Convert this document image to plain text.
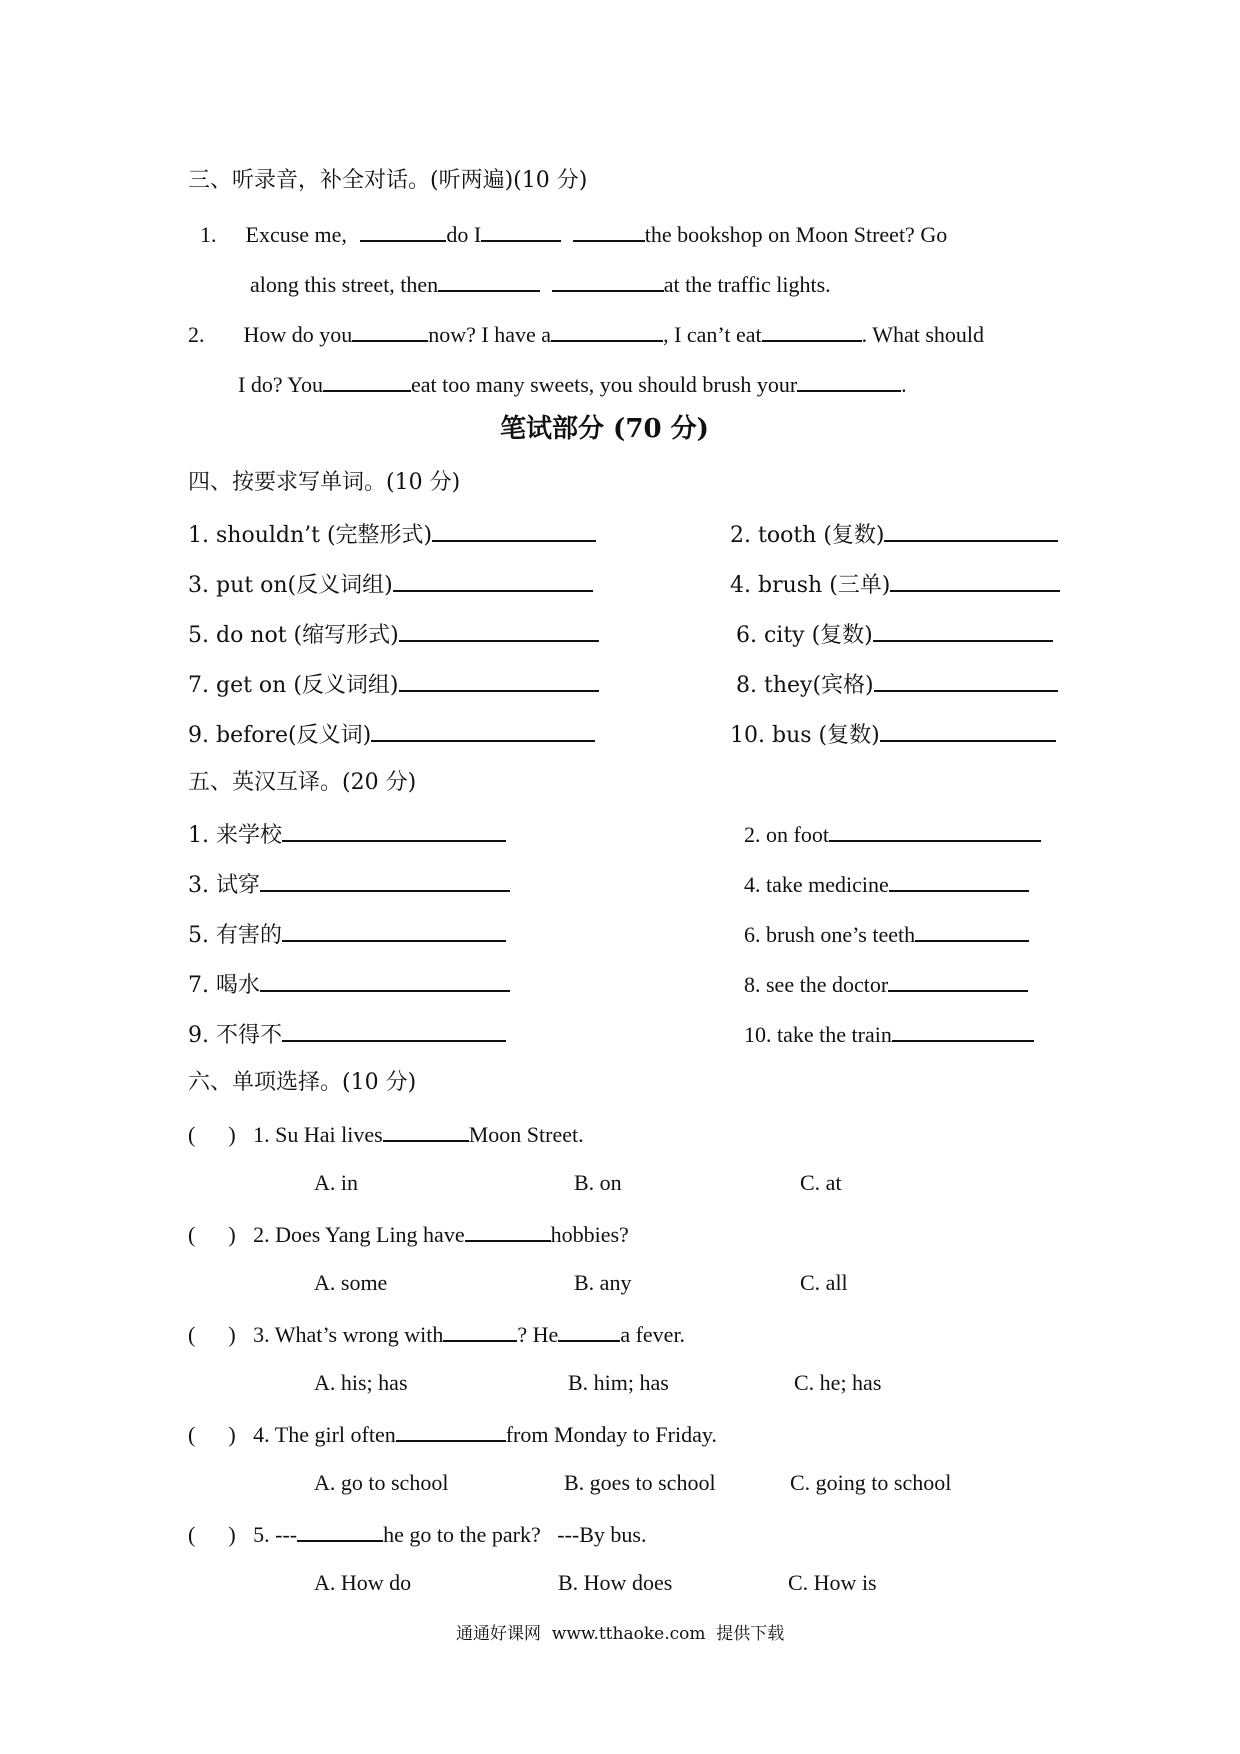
三、听录音，补全对话。(听两遍)(10 分)
1. Excuse me,	do I	the bookshop on Moon Street? Go
along this street, then	at the traffic lights.
2. How do you	now? I have a	, I can’t eat	. What should
I do? You	eat too many sweets, you should brush your	.
笔试部分 (70 分)
四、按要求写单词。(10 分)
1. shouldn’t (完整形式)	2. tooth (复数)
3. put on(反义词组)	4. brush (三单)
5. do not (缩写形式)	6. city (复数)
7. get on (反义词组)	8. they(宾格)
9. before(反义词)	10. bus (复数)
五、英汉互译。(20 分)
1. 来学校	2. on foot
3. 试穿	4. take medicine
5. 有害的	6. brush one’s teeth
7. 喝水	8. see the doctor
9. 不得不	10. take the train
六、单项选择。(10 分)
(      ) 1. Su Hai lives	Moon Street.
A. in	B. on	C. at
(      ) 2. Does Yang Ling have	hobbies?
A. some	B. any	C. all
(      ) 3. What’s wrong with	? He	a fever.
A. his; has	B. him; has	C. he; has
(      ) 4. The girl often	from Monday to Friday.
A. go to school	B. goes to school	C. going to school
(      ) 5. ---	he go to the park?   ---By bus.
A. How do	B. How does	C. How is
通通好课网  www.tthaoke.com  提供下载
